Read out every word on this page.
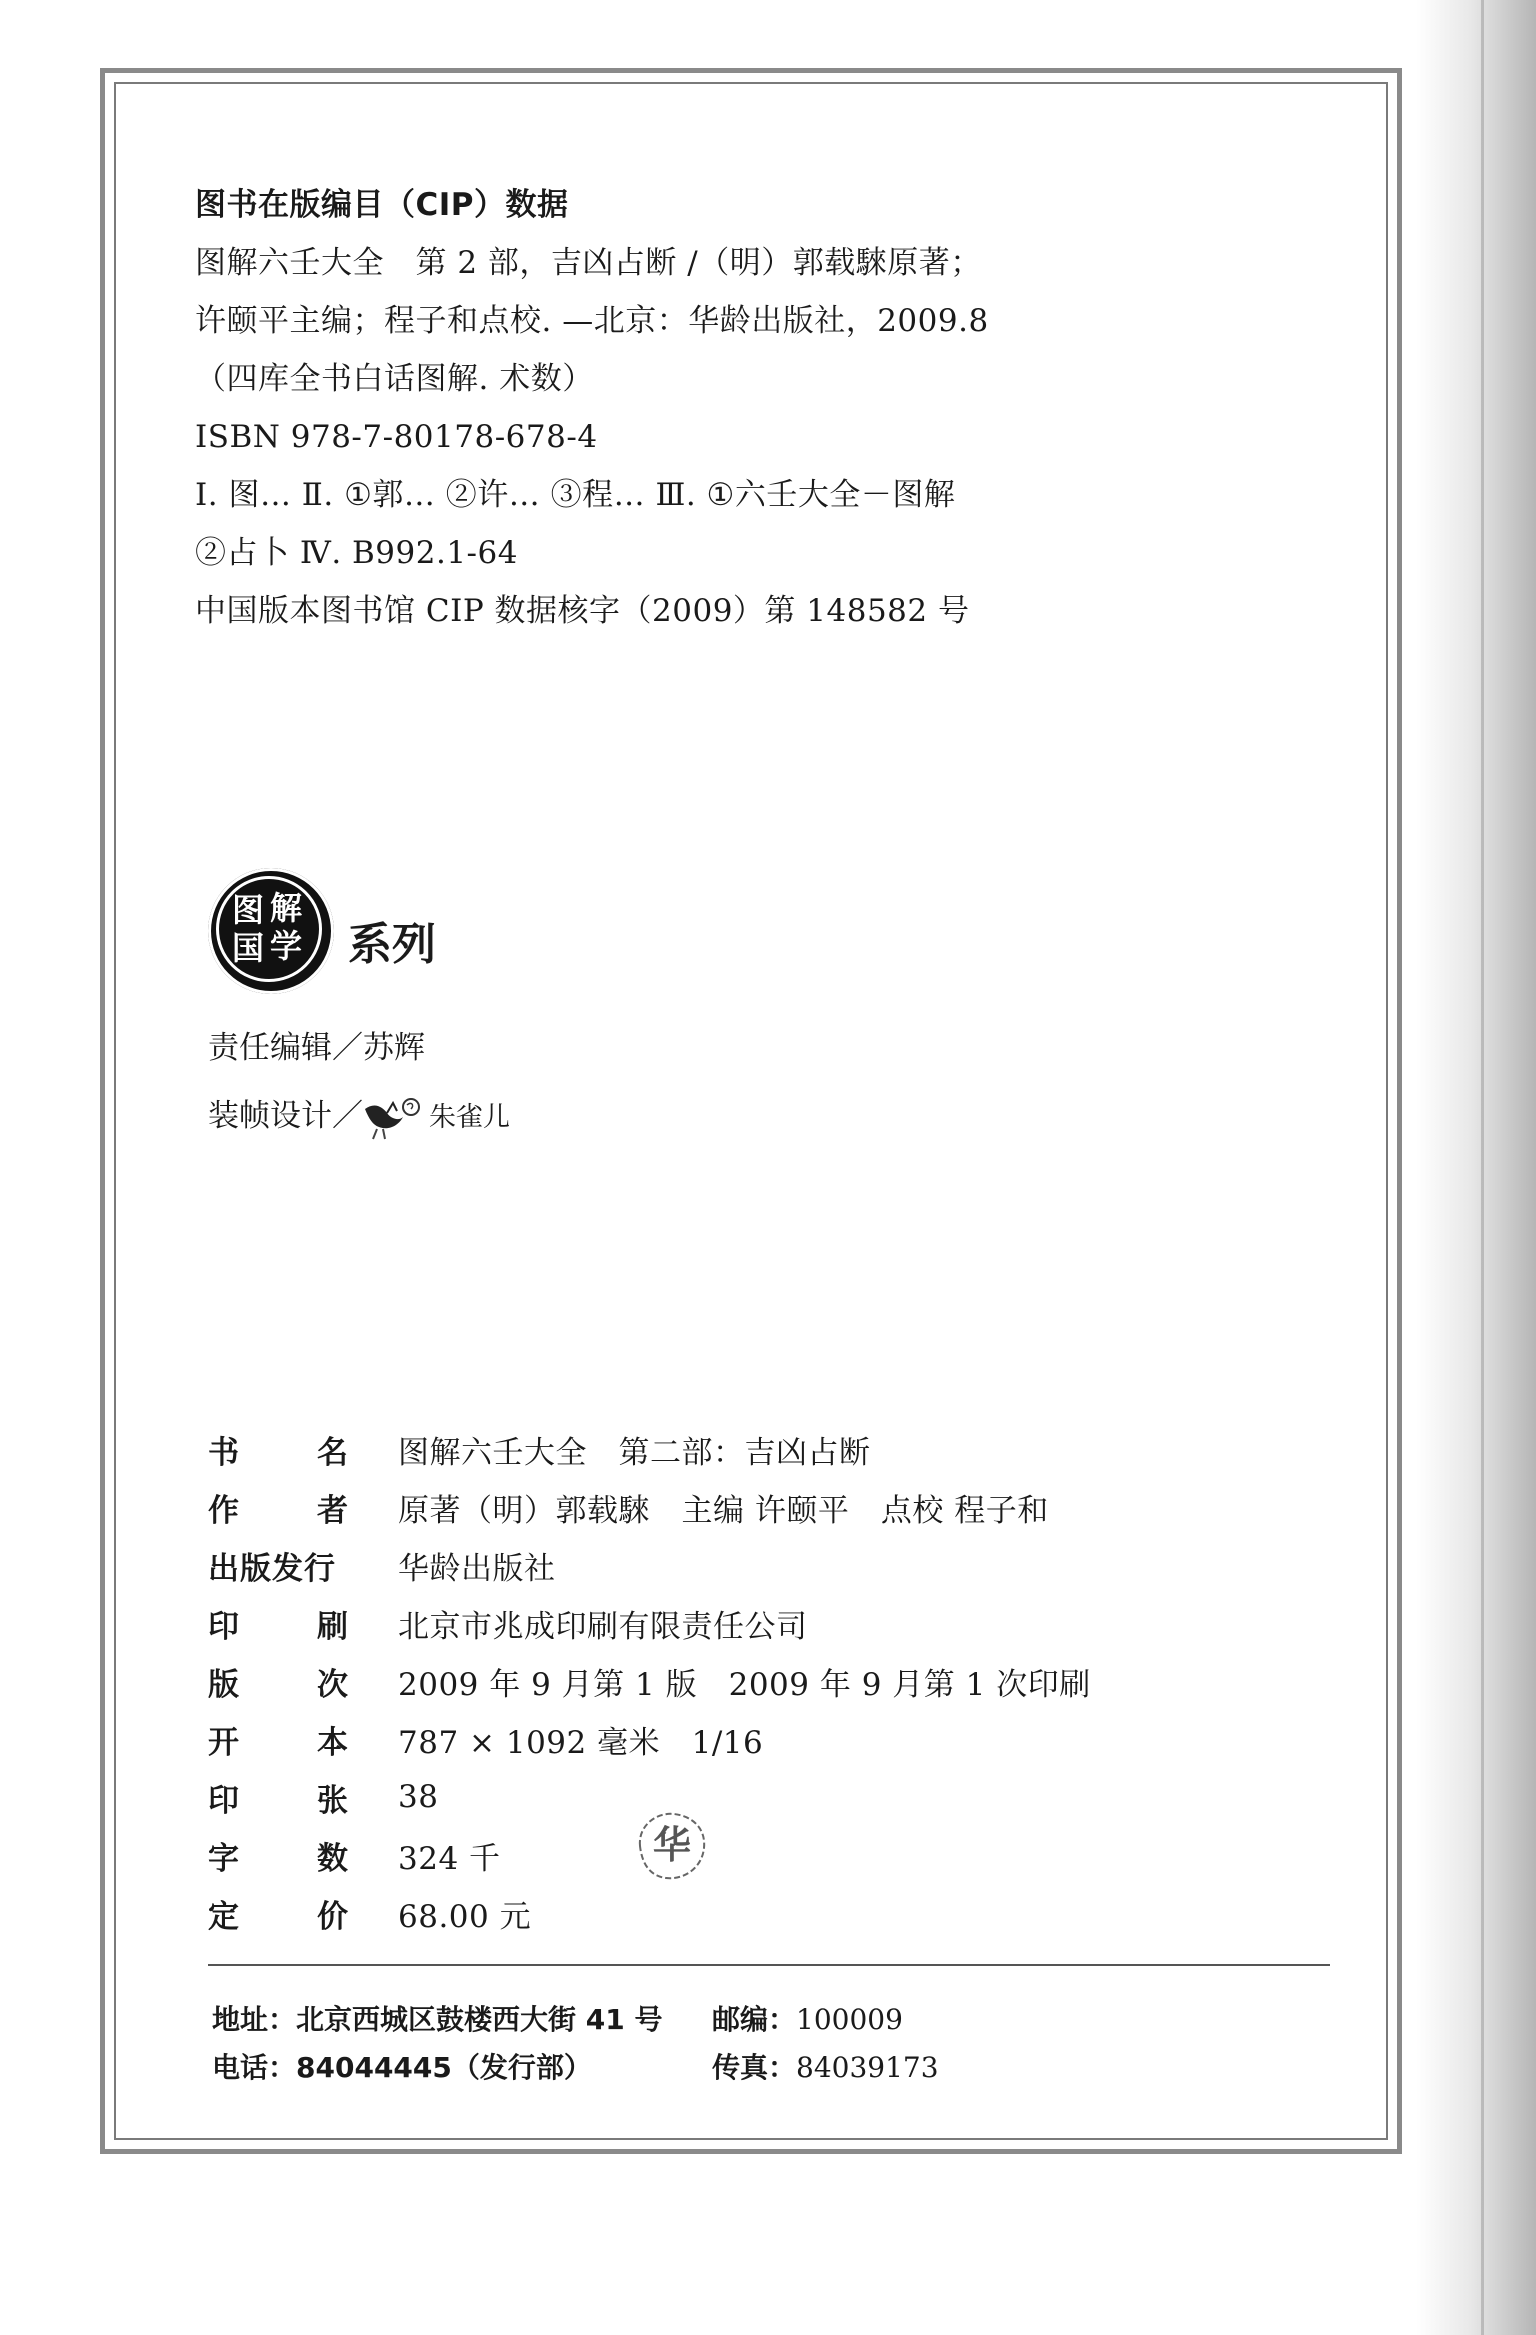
图书在版编目（CIP）数据
图解六壬大全　第 2 部，吉凶占断 /（明）郭载騋原著；
许颐平主编；程子和点校. —北京：华龄出版社，2009.8
（四库全书白话图解. 术数）
ISBN 978-7-80178-678-4
Ⅰ. 图… Ⅱ. ①郭… ②许… ③程… Ⅲ. ①六壬大全－图解
②占卜 Ⅳ. B992.1-64
中国版本图书馆 CIP 数据核字（2009）第 148582 号
图 解
国 学 系列
责任编辑／苏辉
装帧设计／ 朱雀儿
书	名 图解六壬大全　第二部：吉凶占断
作	者 原著（明）郭载騋　主编 许颐平　点校 程子和
出版发行 华龄出版社
印	刷 北京市兆成印刷有限责任公司
版	次 2009 年 9 月第 1 版　2009 年 9 月第 1 次印刷
开	本 787 × 1092 毫米　1/16
印	张 38
字	数 324 千
定	价 68.00 元
华
地址：北京西城区鼓楼西大街 41 号 邮编：100009
电话：84044445（发行部）	传真：84039173
